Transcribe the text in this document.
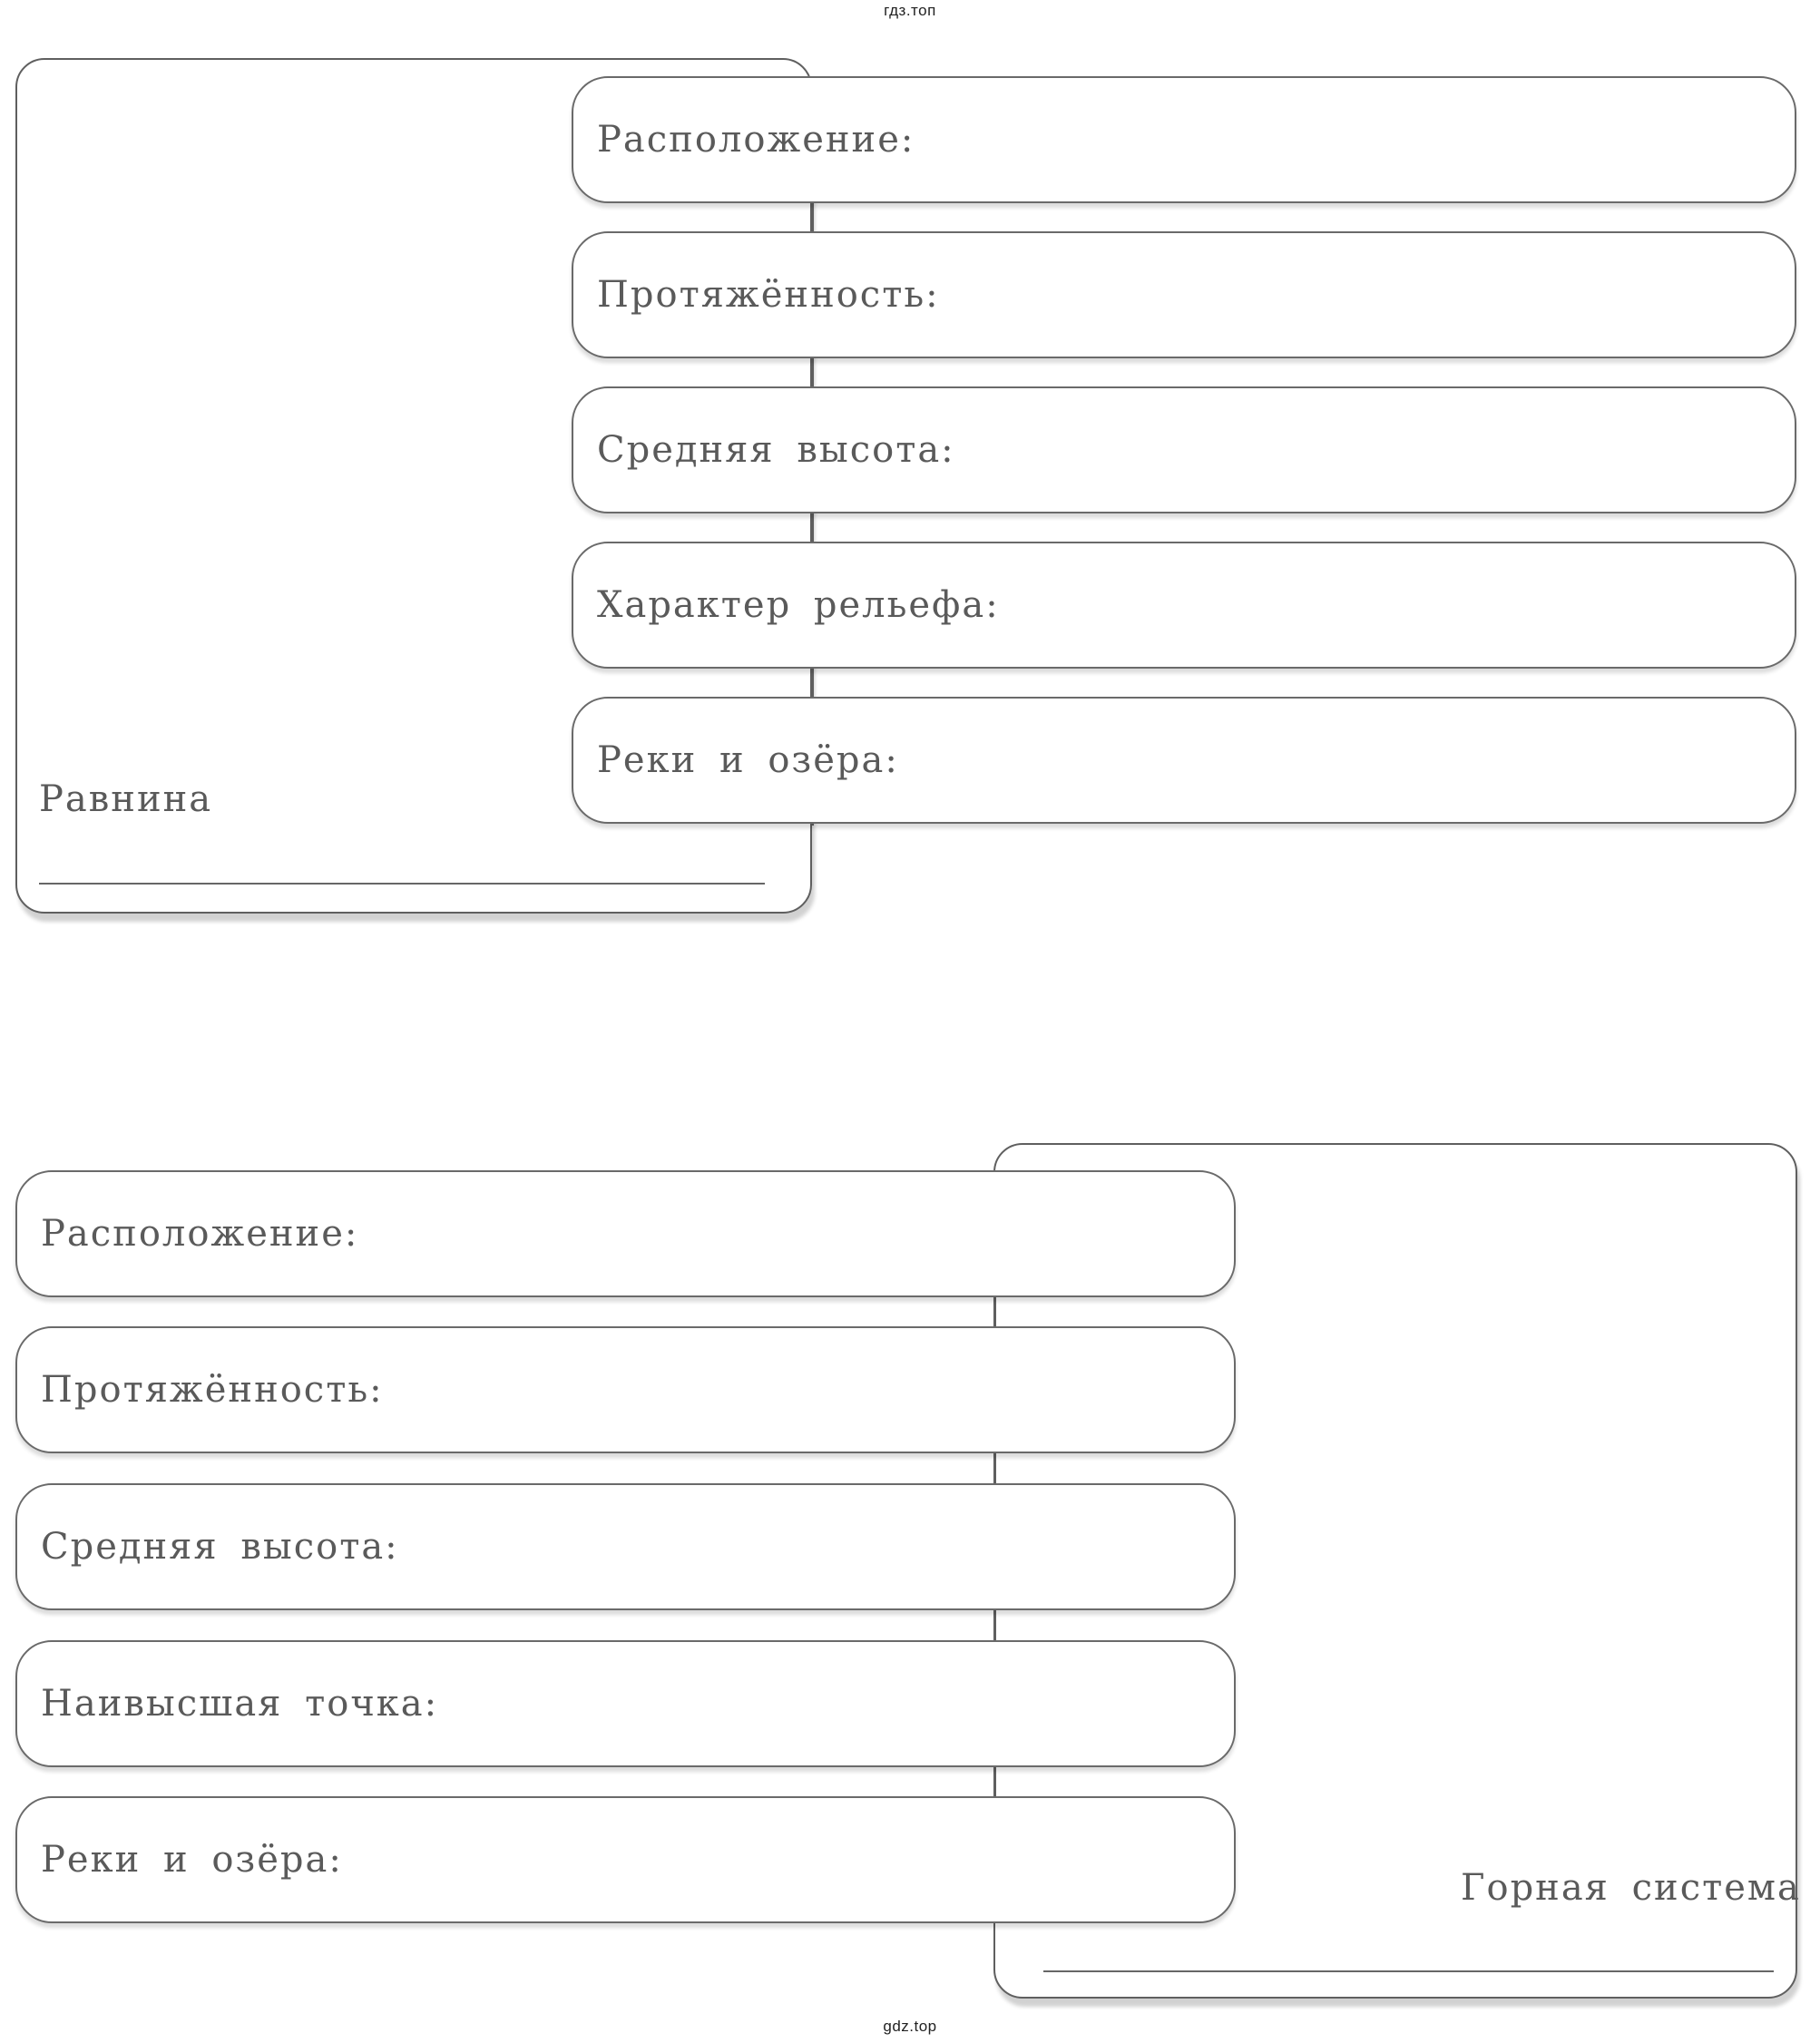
гдз.топ
Равнина
Расположение:
Протяжённость:
Средняя высота:
Характер рельефа:
Реки и озёра:
Горная система
Расположение:
Протяжённость:
Средняя высота:
Наивысшая точка:
Реки и озёра:
gdz.top
